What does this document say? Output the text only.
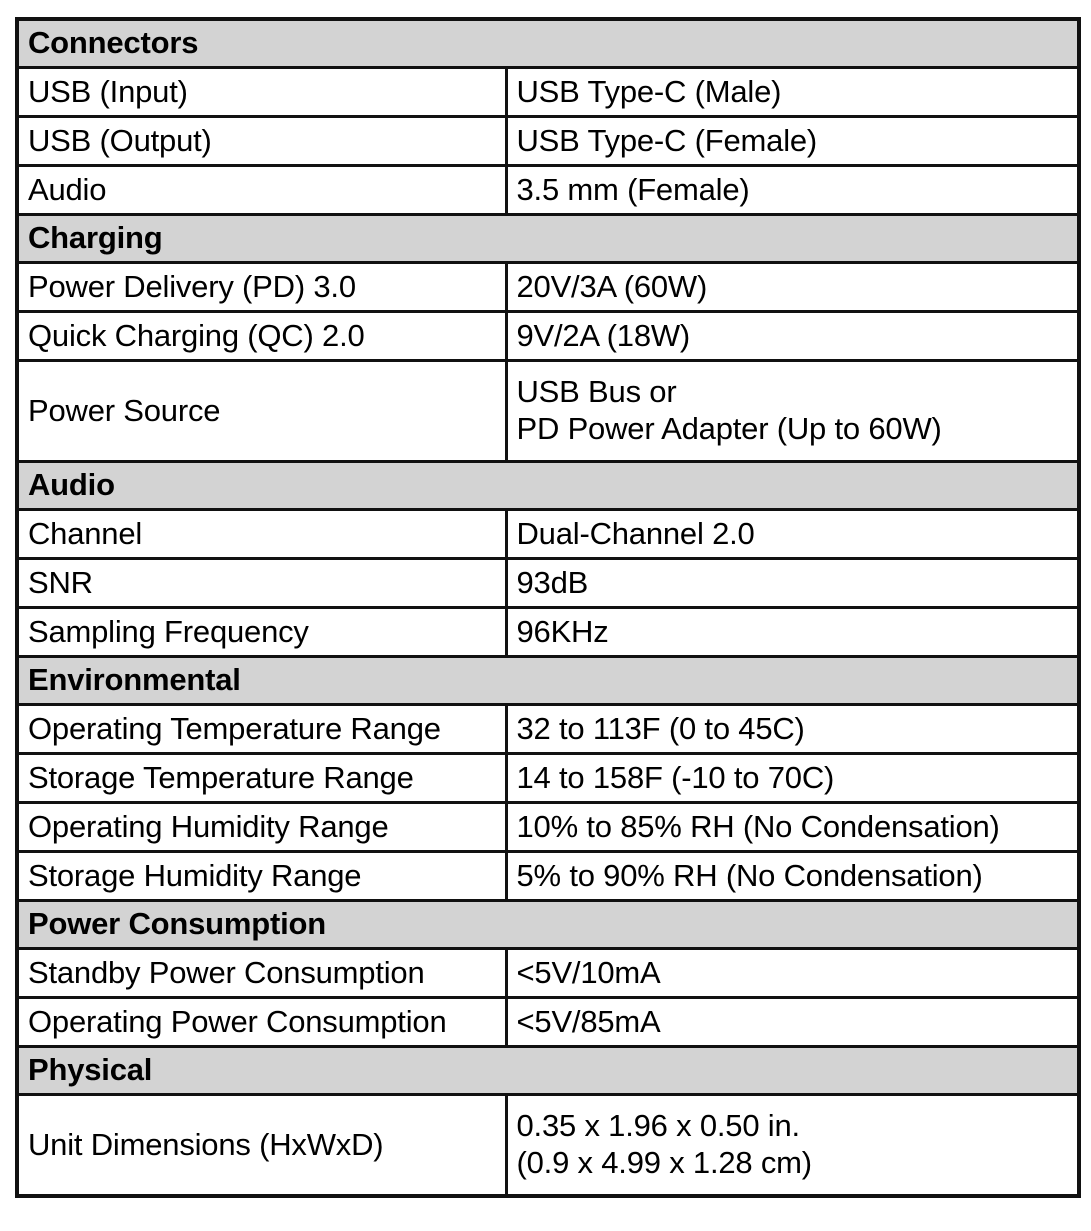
Connectors	
USB (Input)	USB Type-C (Male)
USB (Output)	USB Type-C (Female)
Audio	3.5 mm (Female)
Charging	
Power Delivery (PD) 3.0	20V/3A (60W)
Quick Charging (QC) 2.0	9V/2A (18W)
Power Source	USB Bus or
PD Power Adapter (Up to 60W)

Audio	
Channel	Dual-Channel 2.0
SNR	93dB
Sampling Frequency	96KHz
Environmental	
Operating Temperature Range	32 to 113F (0 to 45C)
Storage Temperature Range	14 to 158F (-10 to 70C)
Operating Humidity Range	10% to 85% RH (No Condensation)
Storage Humidity Range	5% to 90% RH (No Condensation)
Power Consumption	
Standby Power Consumption	<5V/10mA
Operating Power Consumption	<5V/85mA
Physical	
Unit Dimensions (HxWxD)	0.35 x 1.96 x 0.50 in.
(0.9 x 4.99 x 1.28 cm)
